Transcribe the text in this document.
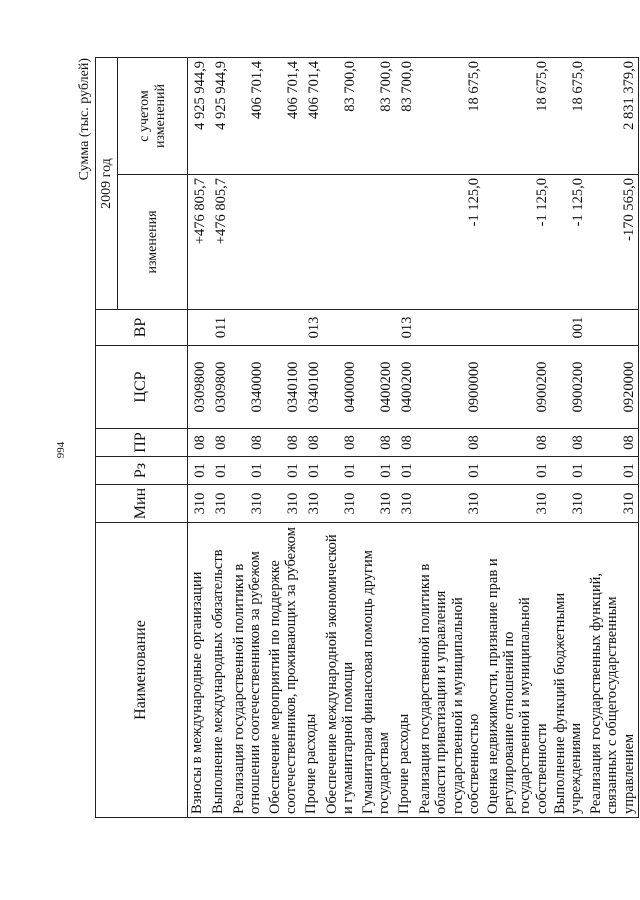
994
Сумма (тыс. рублей)
Наименование	Мин	Рз	ПР	ЦСР	ВР	2009 год	
						изменения	с учетом изменений
Взносы в международные организации	310	01	08	0309800		+476 805,7	4 925 944,9
Выполнение международных обязательств	310	01	08	0309800	011	+476 805,7	4 925 944,9
Реализация государственной политики в отношении соотечественников за рубежом	310	01	08	0340000			406 701,4
Обеспечение мероприятий по поддержке соотечественников, проживающих за рубежом	310	01	08	0340100			406 701,4
Прочие расходы	310	01	08	0340100	013		406 701,4
Обеспечение международной экономической и гуманитарной помощи	310	01	08	0400000			83 700,0
Гуманитарная финансовая помощь другим государствам	310	01	08	0400200			83 700,0
Прочие расходы	310	01	08	0400200	013		83 700,0
Реализация государственной политики в области приватизации и управления государственной и муниципальной собственностью	310	01	08	0900000		-1 125,0	18 675,0
Оценка недвижимости, признание прав и регулирование отношений по государственной и муниципальной собственности	310	01	08	0900200		-1 125,0	18 675,0
Выполнение функций бюджетными учреждениями	310	01	08	0900200	001	-1 125,0	18 675,0
Реализация государственных функций, связанных с общегосударственным управлением	310	01	08	0920000		-170 565,0	2 831 379,0
